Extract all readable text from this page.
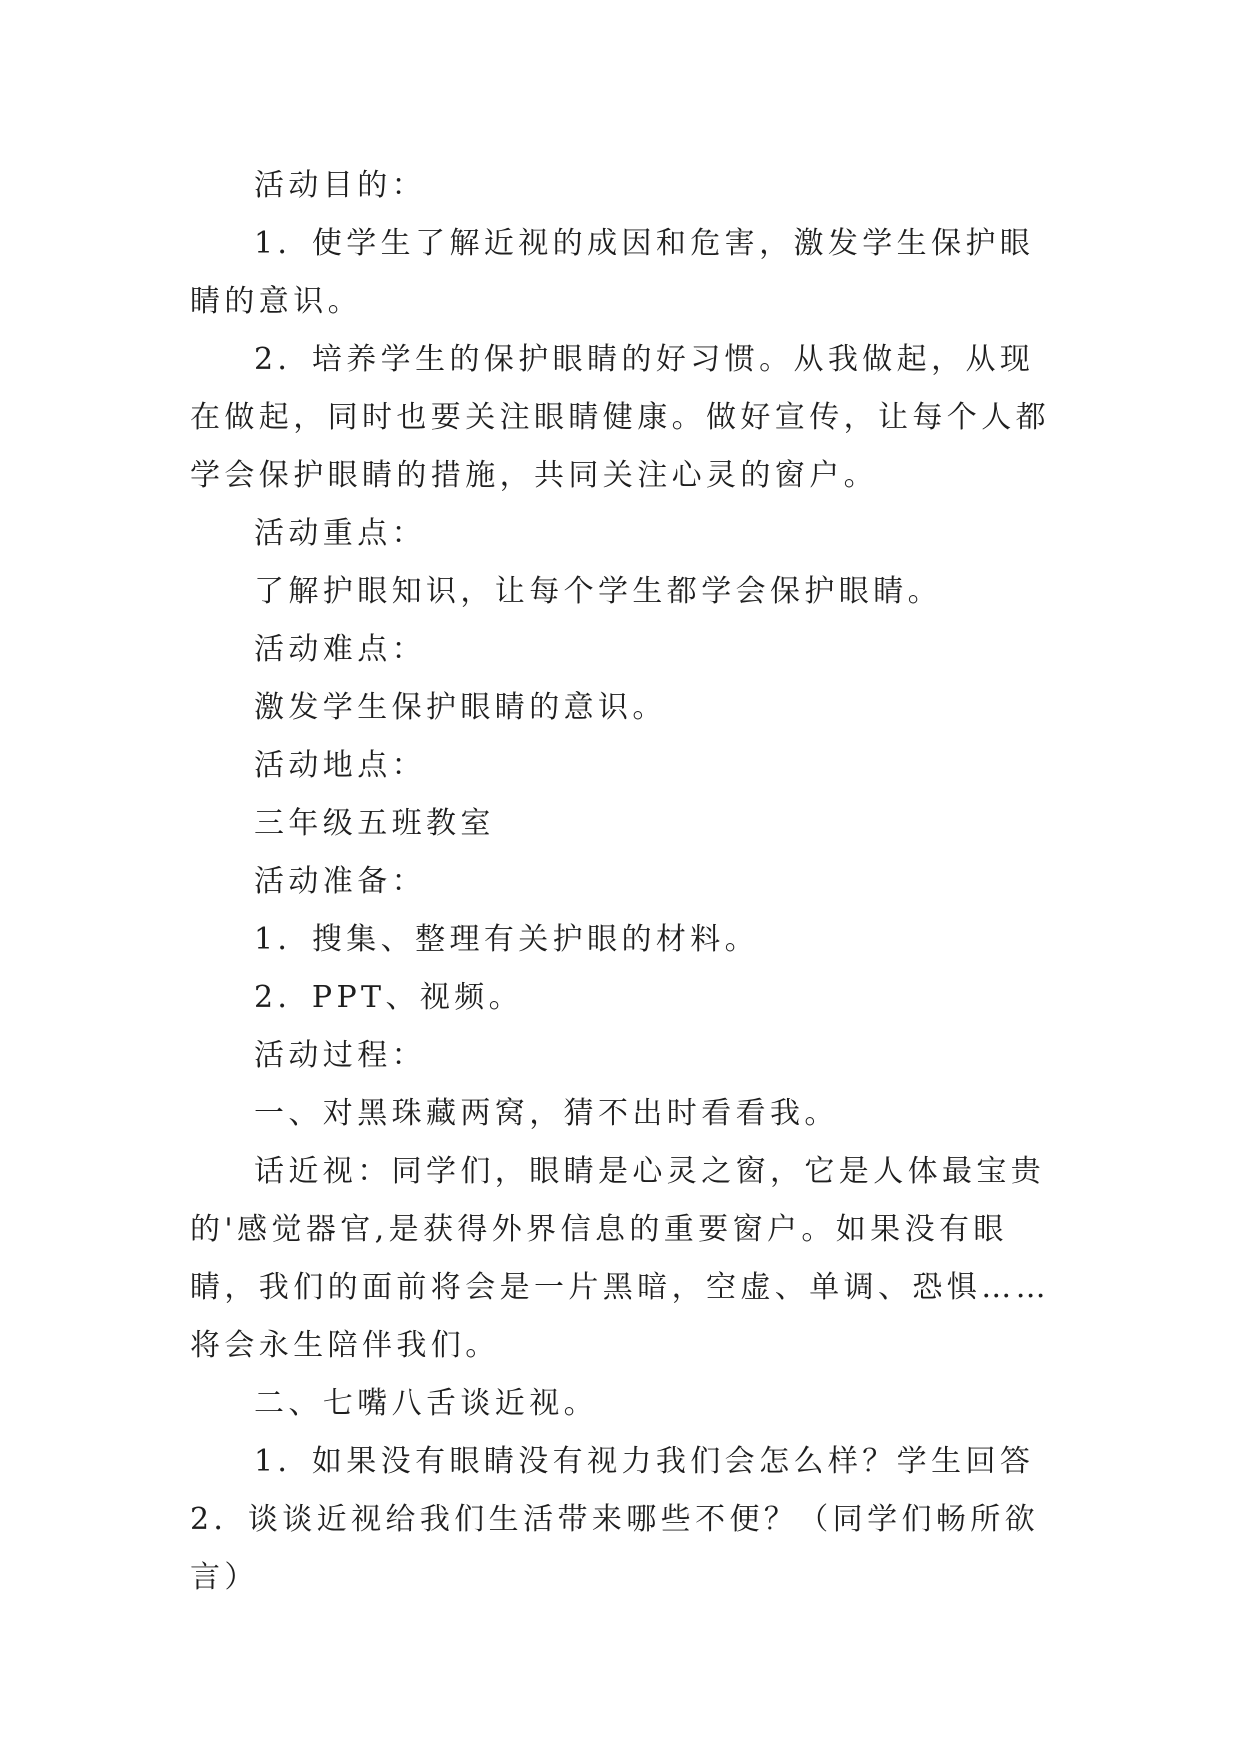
活动目的：

1．使学生了解近视的成因和危害，激发学生保护眼睛的意识。

2．培养学生的保护眼睛的好习惯。从我做起，从现在做起，同时也要关注眼睛健康。做好宣传，让每个人都学会保护眼睛的措施，共同关注心灵的窗户。

活动重点：

了解护眼知识，让每个学生都学会保护眼睛。

活动难点：

激发学生保护眼睛的意识。

活动地点：

三年级五班教室

活动准备：

1．搜集、整理有关护眼的材料。

2．PPT、视频。

活动过程：

一、对黑珠藏两窝，猜不出时看看我。

话近视：同学们，眼睛是心灵之窗，它是人体最宝贵的'感觉器官,是获得外界信息的重要窗户。如果没有眼睛，我们的面前将会是一片黑暗，空虚、单调、恐惧……将会永生陪伴我们。

二、七嘴八舌谈近视。

1．如果没有眼睛没有视力我们会怎么样？学生回答2．谈谈近视给我们生活带来哪些不便？（同学们畅所欲言）
